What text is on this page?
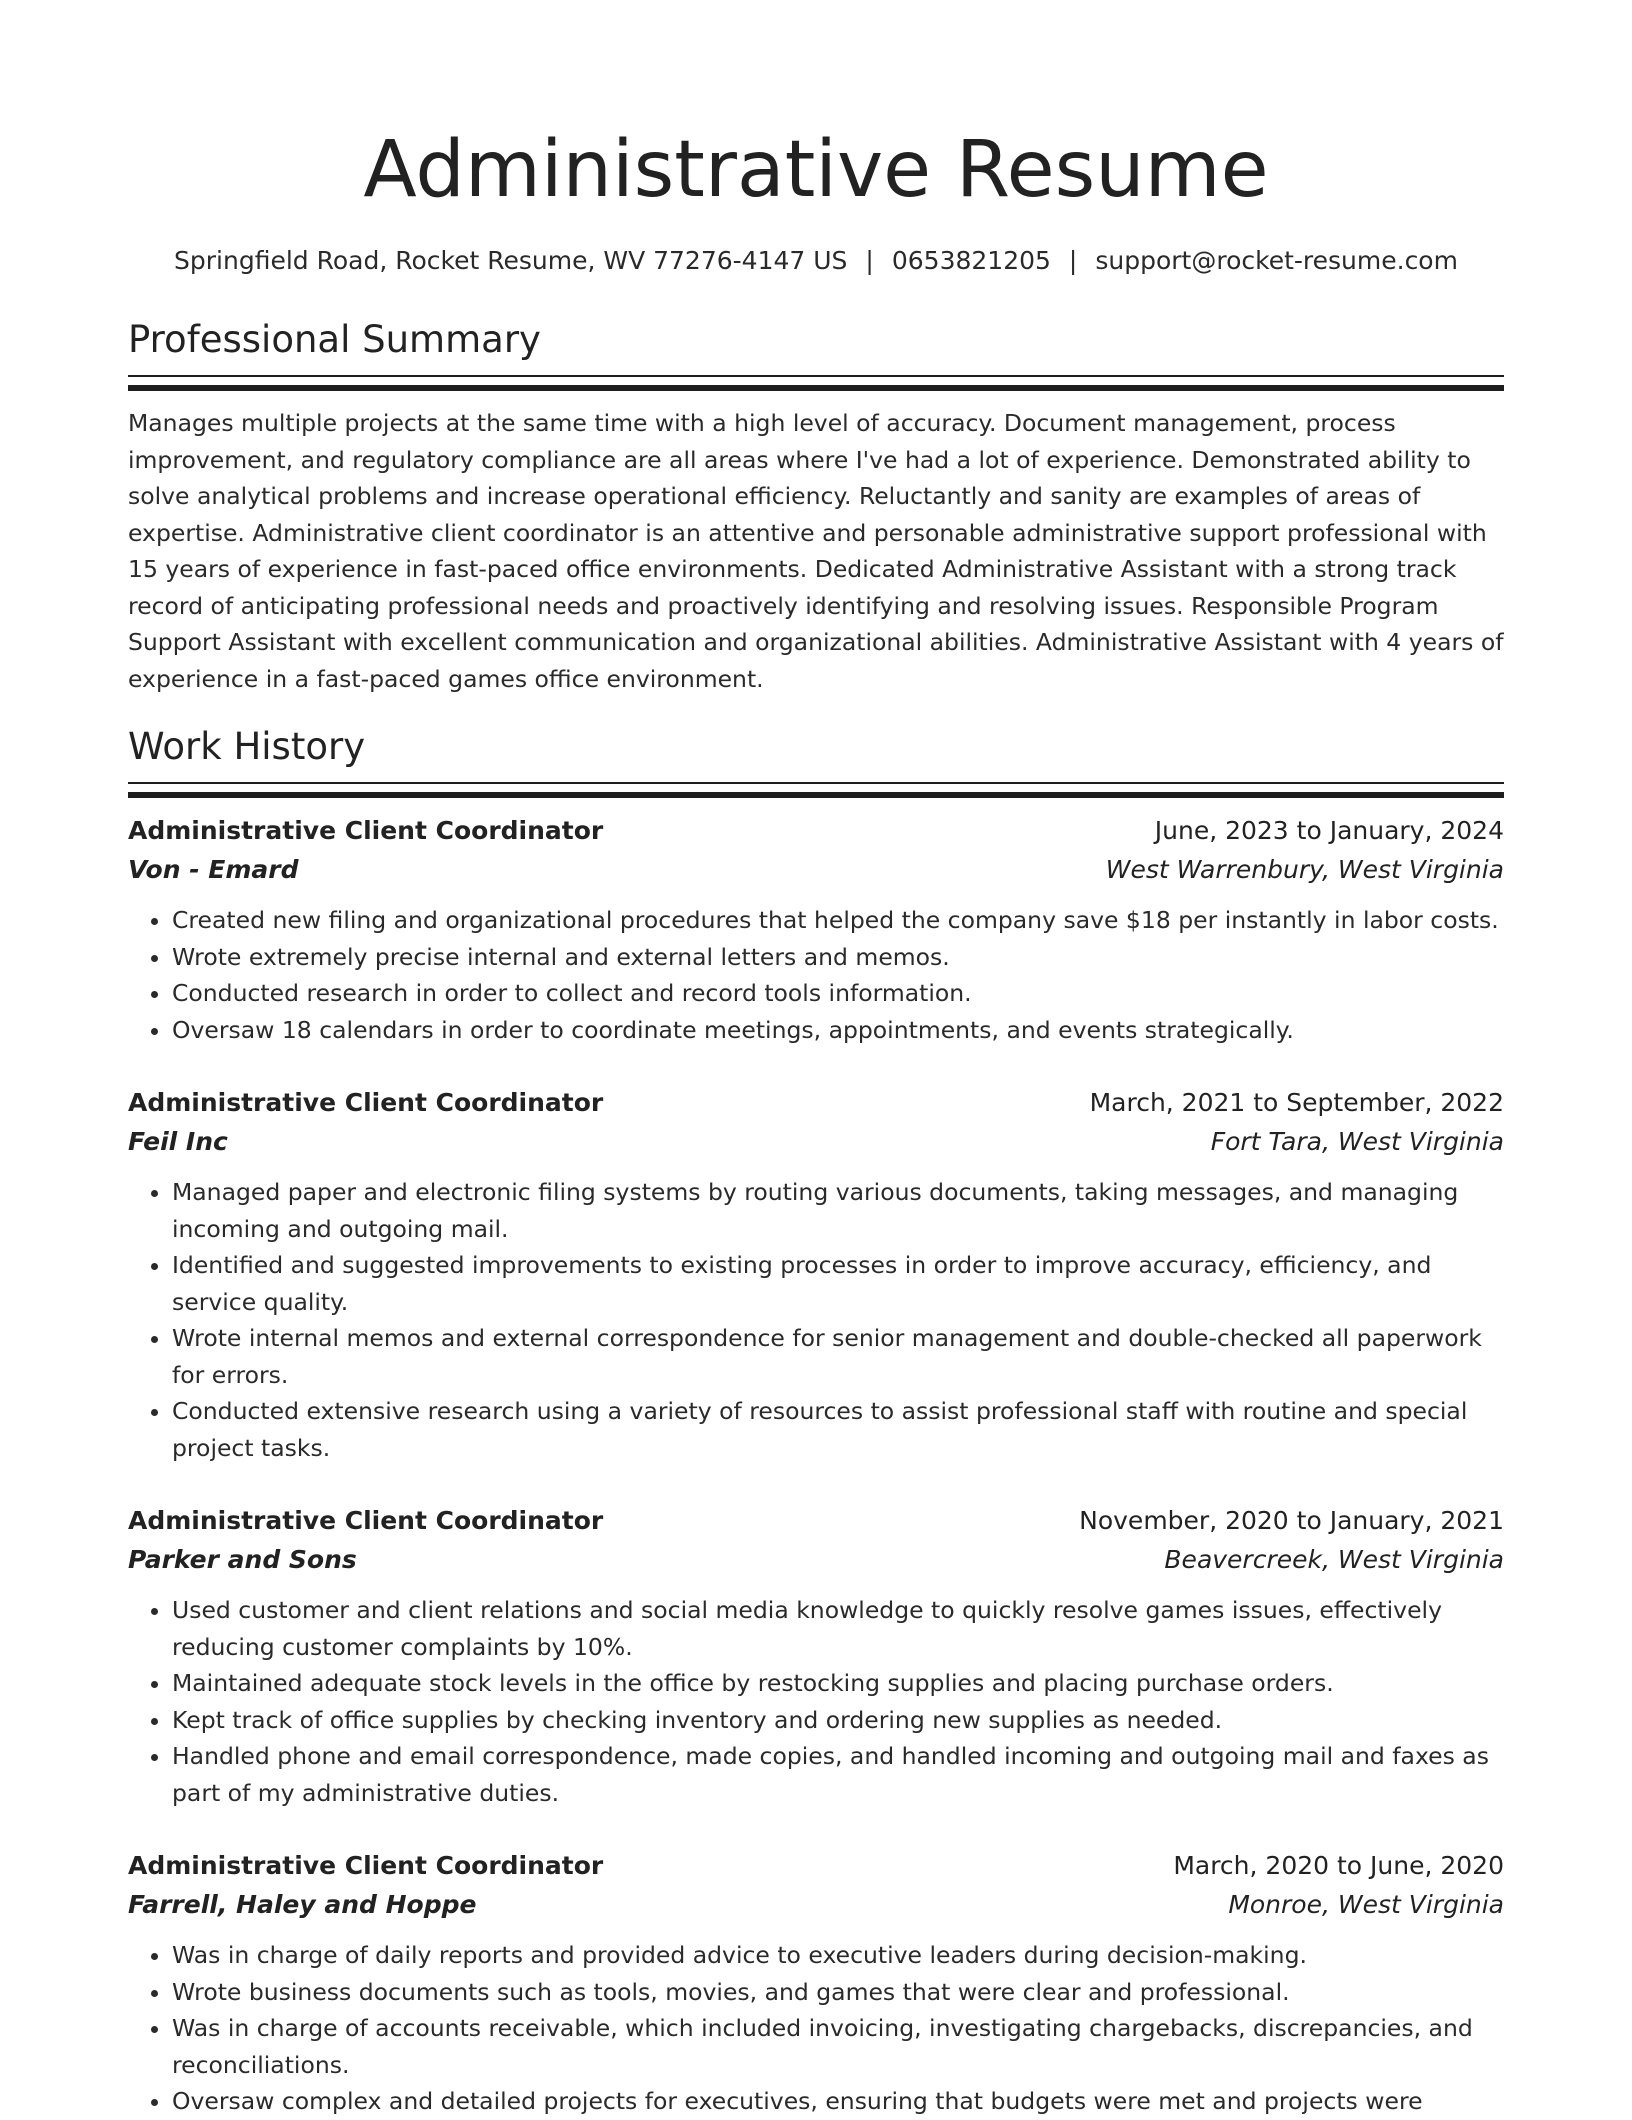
Administrative Resume
Springfield Road, Rocket Resume, WV 77276-4147 US | 0653821205 | support@rocket-resume.com
Professional Summary

Manages multiple projects at the same time with a high level of accuracy. Document management, process improvement, and regulatory compliance are all areas where I've had a lot of experience. Demonstrated ability to solve analytical problems and increase operational efficiency. Reluctantly and sanity are examples of areas of expertise. Administrative client coordinator is an attentive and personable administrative support professional with 15 years of experience in fast-paced office environments. Dedicated Administrative Assistant with a strong track record of anticipating professional needs and proactively identifying and resolving issues. Responsible Program Support Assistant with excellent communication and organizational abilities. Administrative Assistant with 4 years of experience in a fast-paced games office environment.

Work History
Administrative Client Coordinator	June, 2023 to January, 2024
Von - Emard	West Warrenbury, West Virginia
• Created new filing and organizational procedures that helped the company save $18 per instantly in labor costs.
• Wrote extremely precise internal and external letters and memos.
• Conducted research in order to collect and record tools information.
• Oversaw 18 calendars in order to coordinate meetings, appointments, and events strategically.
Administrative Client Coordinator	March, 2021 to September, 2022
Feil Inc	Fort Tara, West Virginia
• Managed paper and electronic filing systems by routing various documents, taking messages, and managing incoming and outgoing mail.
• Identified and suggested improvements to existing processes in order to improve accuracy, efficiency, and service quality.
• Wrote internal memos and external correspondence for senior management and double-checked all paperwork for errors.
• Conducted extensive research using a variety of resources to assist professional staff with routine and special project tasks.
Administrative Client Coordinator	November, 2020 to January, 2021
Parker and Sons	Beavercreek, West Virginia
• Used customer and client relations and social media knowledge to quickly resolve games issues, effectively reducing customer complaints by 10%.
• Maintained adequate stock levels in the office by restocking supplies and placing purchase orders.
• Kept track of office supplies by checking inventory and ordering new supplies as needed.
• Handled phone and email correspondence, made copies, and handled incoming and outgoing mail and faxes as part of my administrative duties.
Administrative Client Coordinator	March, 2020 to June, 2020
Farrell, Haley and Hoppe	Monroe, West Virginia
• Was in charge of daily reports and provided advice to executive leaders during decision-making.
• Wrote business documents such as tools, movies, and games that were clear and professional.
• Was in charge of accounts receivable, which included invoicing, investigating chargebacks, discrepancies, and reconciliations.
• Oversaw complex and detailed projects for executives, ensuring that budgets were met and projects were
